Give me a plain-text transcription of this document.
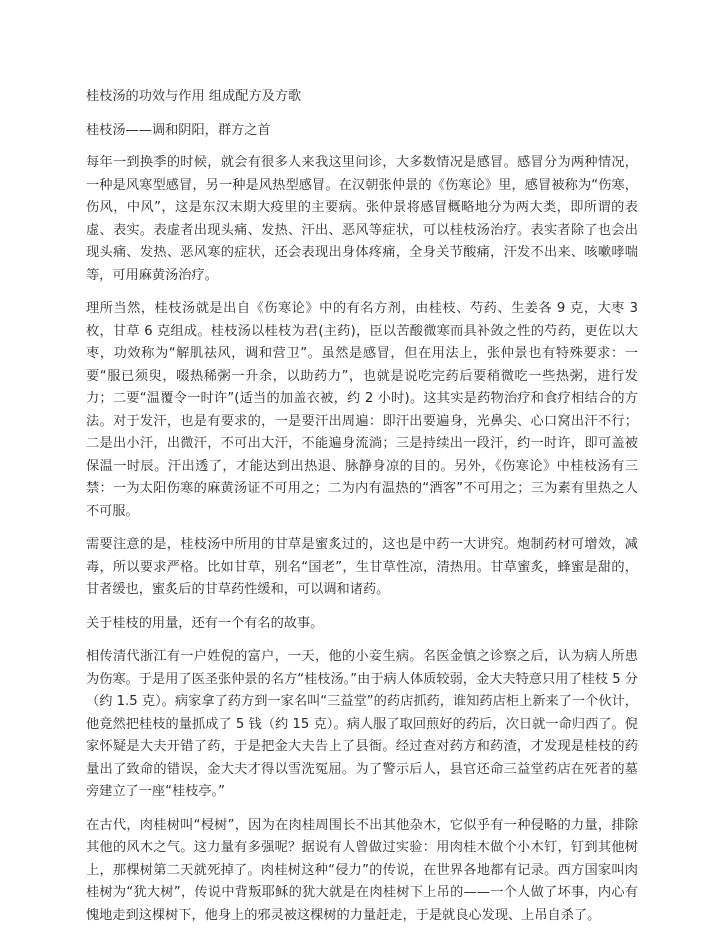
桂枝汤的功效与作用 组成配方及方歌
桂枝汤——调和阴阳，群方之首

每年一到换季的时候，就会有很多人来我这里问诊，大多数情况是感冒。感冒分为两种情况，一种是风寒型感冒，另一种是风热型感冒。在汉朝张仲景的《伤寒论》里，感冒被称为“伤寒，伤风，中风”，这是东汉末期大疫里的主要病。张仲景将感冒概略地分为两大类，即所谓的表虚、表实。表虚者出现头痛、发热、汗出、恶风等症状，可以桂枝汤治疗。表实者除了也会出现头痛、发热、恶风寒的症状，还会表现出身体疼痛，全身关节酸痛，汗发不出来、咳嗽哮喘等，可用麻黄汤治疗。

理所当然，桂枝汤就是出自《伤寒论》中的有名方剂，由桂枝、芍药、生姜各 9 克，大枣 3 枚，甘草 6 克组成。桂枝汤以桂枝为君(主药)，臣以苦酸微寒而具补敛之性的芍药，更佐以大枣，功效称为“解肌祛风，调和营卫”。虽然是感冒，但在用法上，张仲景也有特殊要求：一要“服已须臾，啜热稀粥一升余，以助药力”，也就是说吃完药后要稍微吃一些热粥，进行发力；二要“温覆令一时许”(适当的加盖衣被，约 2 小时)。这其实是药物治疗和食疗相结合的方法。对于发汗，也是有要求的，一是要汗出周遍：即汗出要遍身，光鼻尖、心口窝出汗不行；二是出小汗，出微汗，不可出大汗，不能遍身流淌；三是持续出一段汗，约一时许，即可盖被保温一时辰。汗出透了，才能达到出热退、脉静身凉的目的。另外，《伤寒论》中桂枝汤有三禁：一为太阳伤寒的麻黄汤证不可用之；二为内有温热的“酒客”不可用之；三为素有里热之人不可服。

需要注意的是，桂枝汤中所用的甘草是蜜炙过的，这也是中药一大讲究。炮制药材可增效，减毒，所以要求严格。比如甘草，别名“国老”，生甘草性凉，清热用。甘草蜜炙，蜂蜜是甜的，甘者缓也，蜜炙后的甘草药性缓和，可以调和诸药。

关于桂枝的用量，还有一个有名的故事。

相传清代浙江有一户姓倪的富户，一天，他的小妾生病。名医金慎之诊察之后，认为病人所患为伤寒。于是用了医圣张仲景的名方“桂枝汤。”由于病人体质较弱，金大夫特意只用了桂枝 5 分（约 1.5 克）。病家拿了药方到一家名叫“三益堂”的药店抓药，谁知药店柜上新来了一个伙计，他竟然把桂枝的量抓成了 5 钱（约 15 克）。病人服了取回煎好的药后，次日就一命归西了。倪家怀疑是大夫开错了药，于是把金大夫告上了县衙。经过查对药方和药渣，才发现是桂枝的药量出了致命的错误，金大夫才得以雪洗冤屈。为了警示后人，县官还命三益堂药店在死者的墓旁建立了一座“桂枝亭。”

在古代，肉桂树叫“梫树”，因为在肉桂周围长不出其他杂木，它似乎有一种侵略的力量，排除其他的风木之气。这力量有多强呢？据说有人曾做过实验：用肉桂木做个小木钉，钉到其他树上，那棵树第二天就死掉了。肉桂树这种“侵力”的传说，在世界各地都有记录。西方国家叫肉桂树为“犹大树”，传说中背叛耶稣的犹大就是在肉桂树下上吊的——一个人做了坏事，内心有愧地走到这棵树下，他身上的邪灵被这棵树的力量赶走，于是就良心发现、上吊自杀了。
